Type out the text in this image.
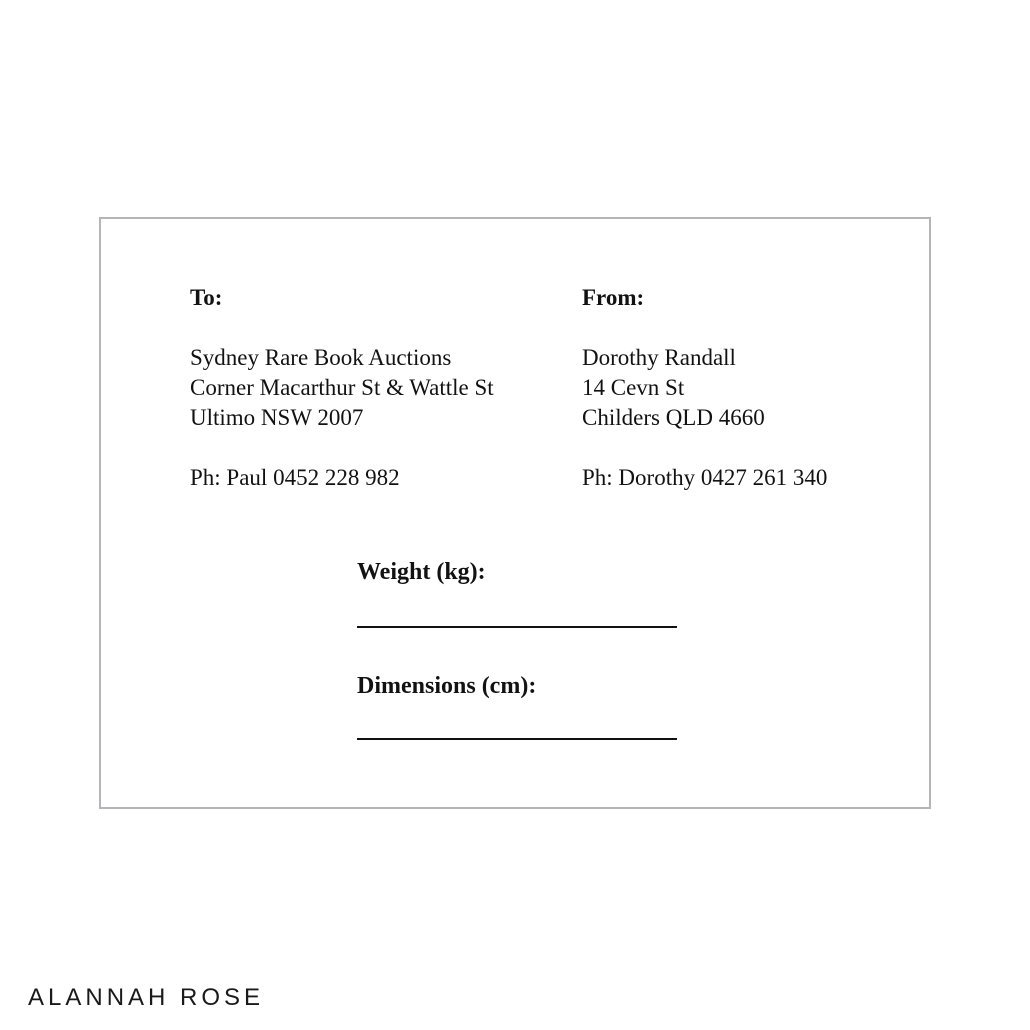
To:

Sydney Rare Book Auctions

Corner Macarthur St & Wattle St

Ultimo NSW 2007

Ph: Paul 0452 228 982

From:

Dorothy Randall

14 Cevn St

Childers QLD 4660

Ph: Dorothy 0427 261 340

Weight (kg):

Dimensions (cm):

ALANNAH ROSE
